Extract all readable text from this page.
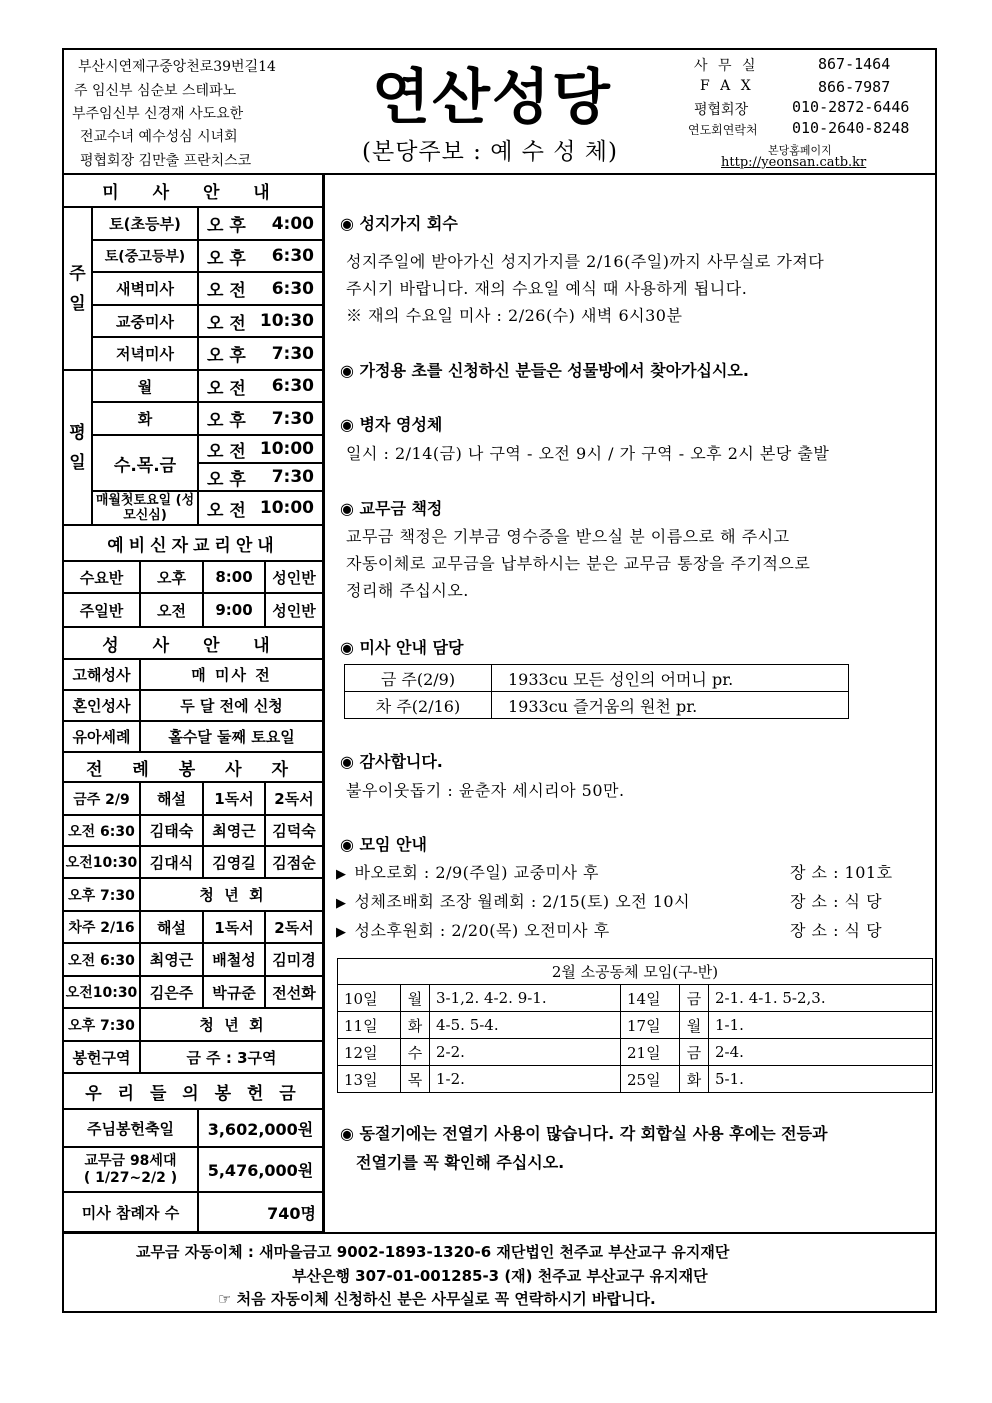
부산시연제구중앙천로39번길14
주 임신부 심순보 스테파노
부주임신부 신경재 사도요한
전교수녀 예수성심 시녀회
평협회장 김만출 프란치스코
연산성당
(본당주보 : 예 수 성 체)
사 무 실	867-1464
F A X	866-7987
평협회장	010-2872-6446
연도회연락처 010-2640-8248
본당홈페이지
http://yeonsan.catb.kr
미 사 안 내
주
일
토(초등부)	오 후 4:00
토(중고등부)	오 후 6:30
새벽미사	오 전 6:30
교중미사	오 전 10:30
저녁미사	오 후 7:30
평
일
월	오 전 6:30
화	오 후 7:30
수.목.금
오 전 10:00
오 후 7:30
매월첫토요일 (성모신심)	오 전 10:00
예비신자교리안내
수요반	오후	8:00	성인반
주일반	오전	9:00	성인반
성 사 안 내
고해성사	매 미사 전
혼인성사	두 달 전에 신청
유아세례	홀수달 둘째 토요일
전 례 봉 사 자
금주 2/9	해설	1독서	2독서
오전 6:30 김태숙	최영근	김덕숙
오전10:30 김대식	김영길	김점순
오후 7:30	청  년  회
차주 2/16	해설	1독서	2독서
오전 6:30 최영근	배철성	김미경
오전10:30 김은주	박규준	전선화
오후 7:30	청  년  회
봉헌구역	금 주 : 3구역
우 리 들 의 봉 헌 금
주님봉헌축일	3,602,000원
교무금 98세대 ( 1/27~2/2 )	5,476,000원
미사 참례자 수	740명
◉ 성지가지 회수
성지주일에 받아가신 성지가지를 2/16(주일)까지 사무실로 가져다
주시기 바랍니다. 재의 수요일 예식 때 사용하게 됩니다.
※ 재의 수요일 미사 : 2/26(수) 새벽 6시30분
◉ 가정용 초를 신청하신 분들은 성물방에서 찾아가십시오.
◉ 병자 영성체
일시 : 2/14(금) 나 구역 - 오전 9시 / 가 구역 - 오후 2시 본당 출발
◉ 교무금 책정
교무금 책정은 기부금 영수증을 받으실 분 이름으로 해 주시고
자동이체로 교무금을 납부하시는 분은 교무금 통장을 주기적으로
정리해 주십시오.
◉ 미사 안내 담당
금 주(2/9)	1933cu 모든 성인의 어머니 pr.
차 주(2/16)	1933cu 즐거움의 원천 pr.
◉ 감사합니다.
불우이웃돕기 : 윤춘자 세시리아 50만.
◉ 모임 안내
▶ 바오로회 : 2/9(주일) 교중미사 후	장 소 : 101호
▶ 성체조배회 조장 월례회 : 2/15(토) 오전 10시	장 소 : 식 당
▶ 성소후원회 : 2/20(목) 오전미사 후	장 소 : 식 당
2월 소공동체 모임(구-반)					
10일	월	3-1,2. 4-2. 9-1.	14일	금	2-1. 4-1. 5-2,3.
11일	화	4-5. 5-4.	17일	월	1-1.
12일	수	2-2.	21일	금	2-4.
13일	목	1-2.	25일	화	5-1.
◉ 동절기에는 전열기 사용이 많습니다. 각 회합실 사용 후에는 전등과
전열기를 꼭 확인해 주십시오.
교무금 자동이체 : 새마을금고 9002-1893-1320-6 재단법인 천주교 부산교구 유지재단
부산은행 307-01-001285-3 (재) 천주교 부산교구 유지재단
☞ 처음 자동이체 신청하신 분은 사무실로 꼭 연락하시기 바랍니다.
